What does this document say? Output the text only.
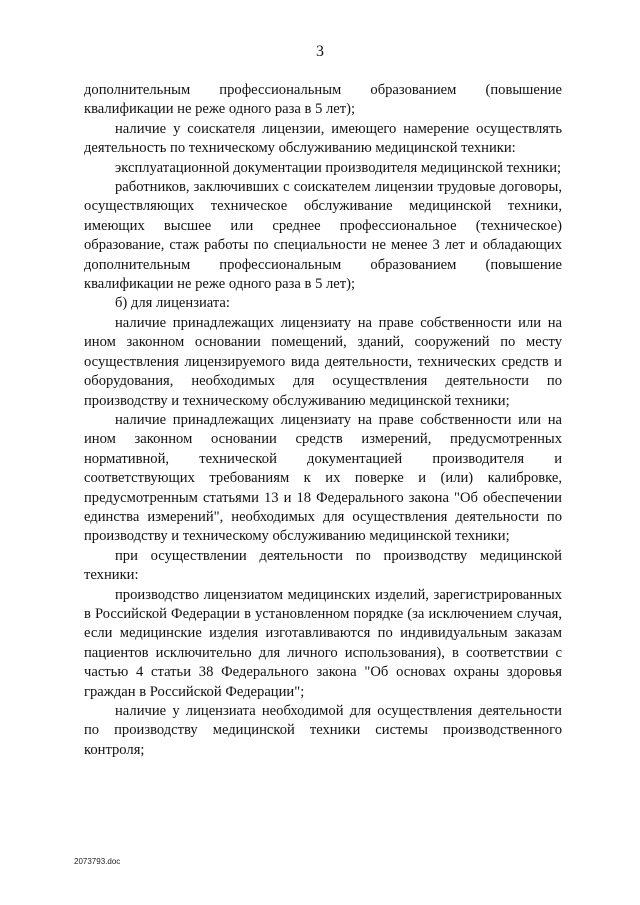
3

дополнительным профессиональным образованием (повышение квалификации не реже одного раза в 5 лет);

наличие у соискателя лицензии, имеющего намерение осуществлять деятельность по техническому обслуживанию медицинской техники:

эксплуатационной документации производителя медицинской техники;

работников, заключивших с соискателем лицензии трудовые договоры, осуществляющих техническое обслуживание медицинской техники, имеющих высшее или среднее профессиональное (техническое) образование, стаж работы по специальности не менее 3 лет и обладающих дополнительным профессиональным образованием (повышение квалификации не реже одного раза в 5 лет);

б) для лицензиата:

наличие принадлежащих лицензиату на праве собственности или на ином законном основании помещений, зданий, сооружений по месту осуществления лицензируемого вида деятельности, технических средств и оборудования, необходимых для осуществления деятельности по производству и техническому обслуживанию медицинской техники;

наличие принадлежащих лицензиату на праве собственности или на ином законном основании средств измерений, предусмотренных нормативной, технической документацией производителя и соответствующих требованиям к их поверке и (или) калибровке, предусмотренным статьями 13 и 18 Федерального закона "Об обеспечении единства измерений", необходимых для осуществления деятельности по производству и техническому обслуживанию медицинской техники;

при осуществлении деятельности по производству медицинской техники:

производство лицензиатом медицинских изделий, зарегистрированных в Российской Федерации в установленном порядке (за исключением случая, если медицинские изделия изготавливаются по индивидуальным заказам пациентов исключительно для личного использования), в соответствии с частью 4 статьи 38 Федерального закона "Об основах охраны здоровья граждан в Российской Федерации";

наличие у лицензиата необходимой для осуществления деятельности по производству медицинской техники системы производственного контроля;

2073793.doc
